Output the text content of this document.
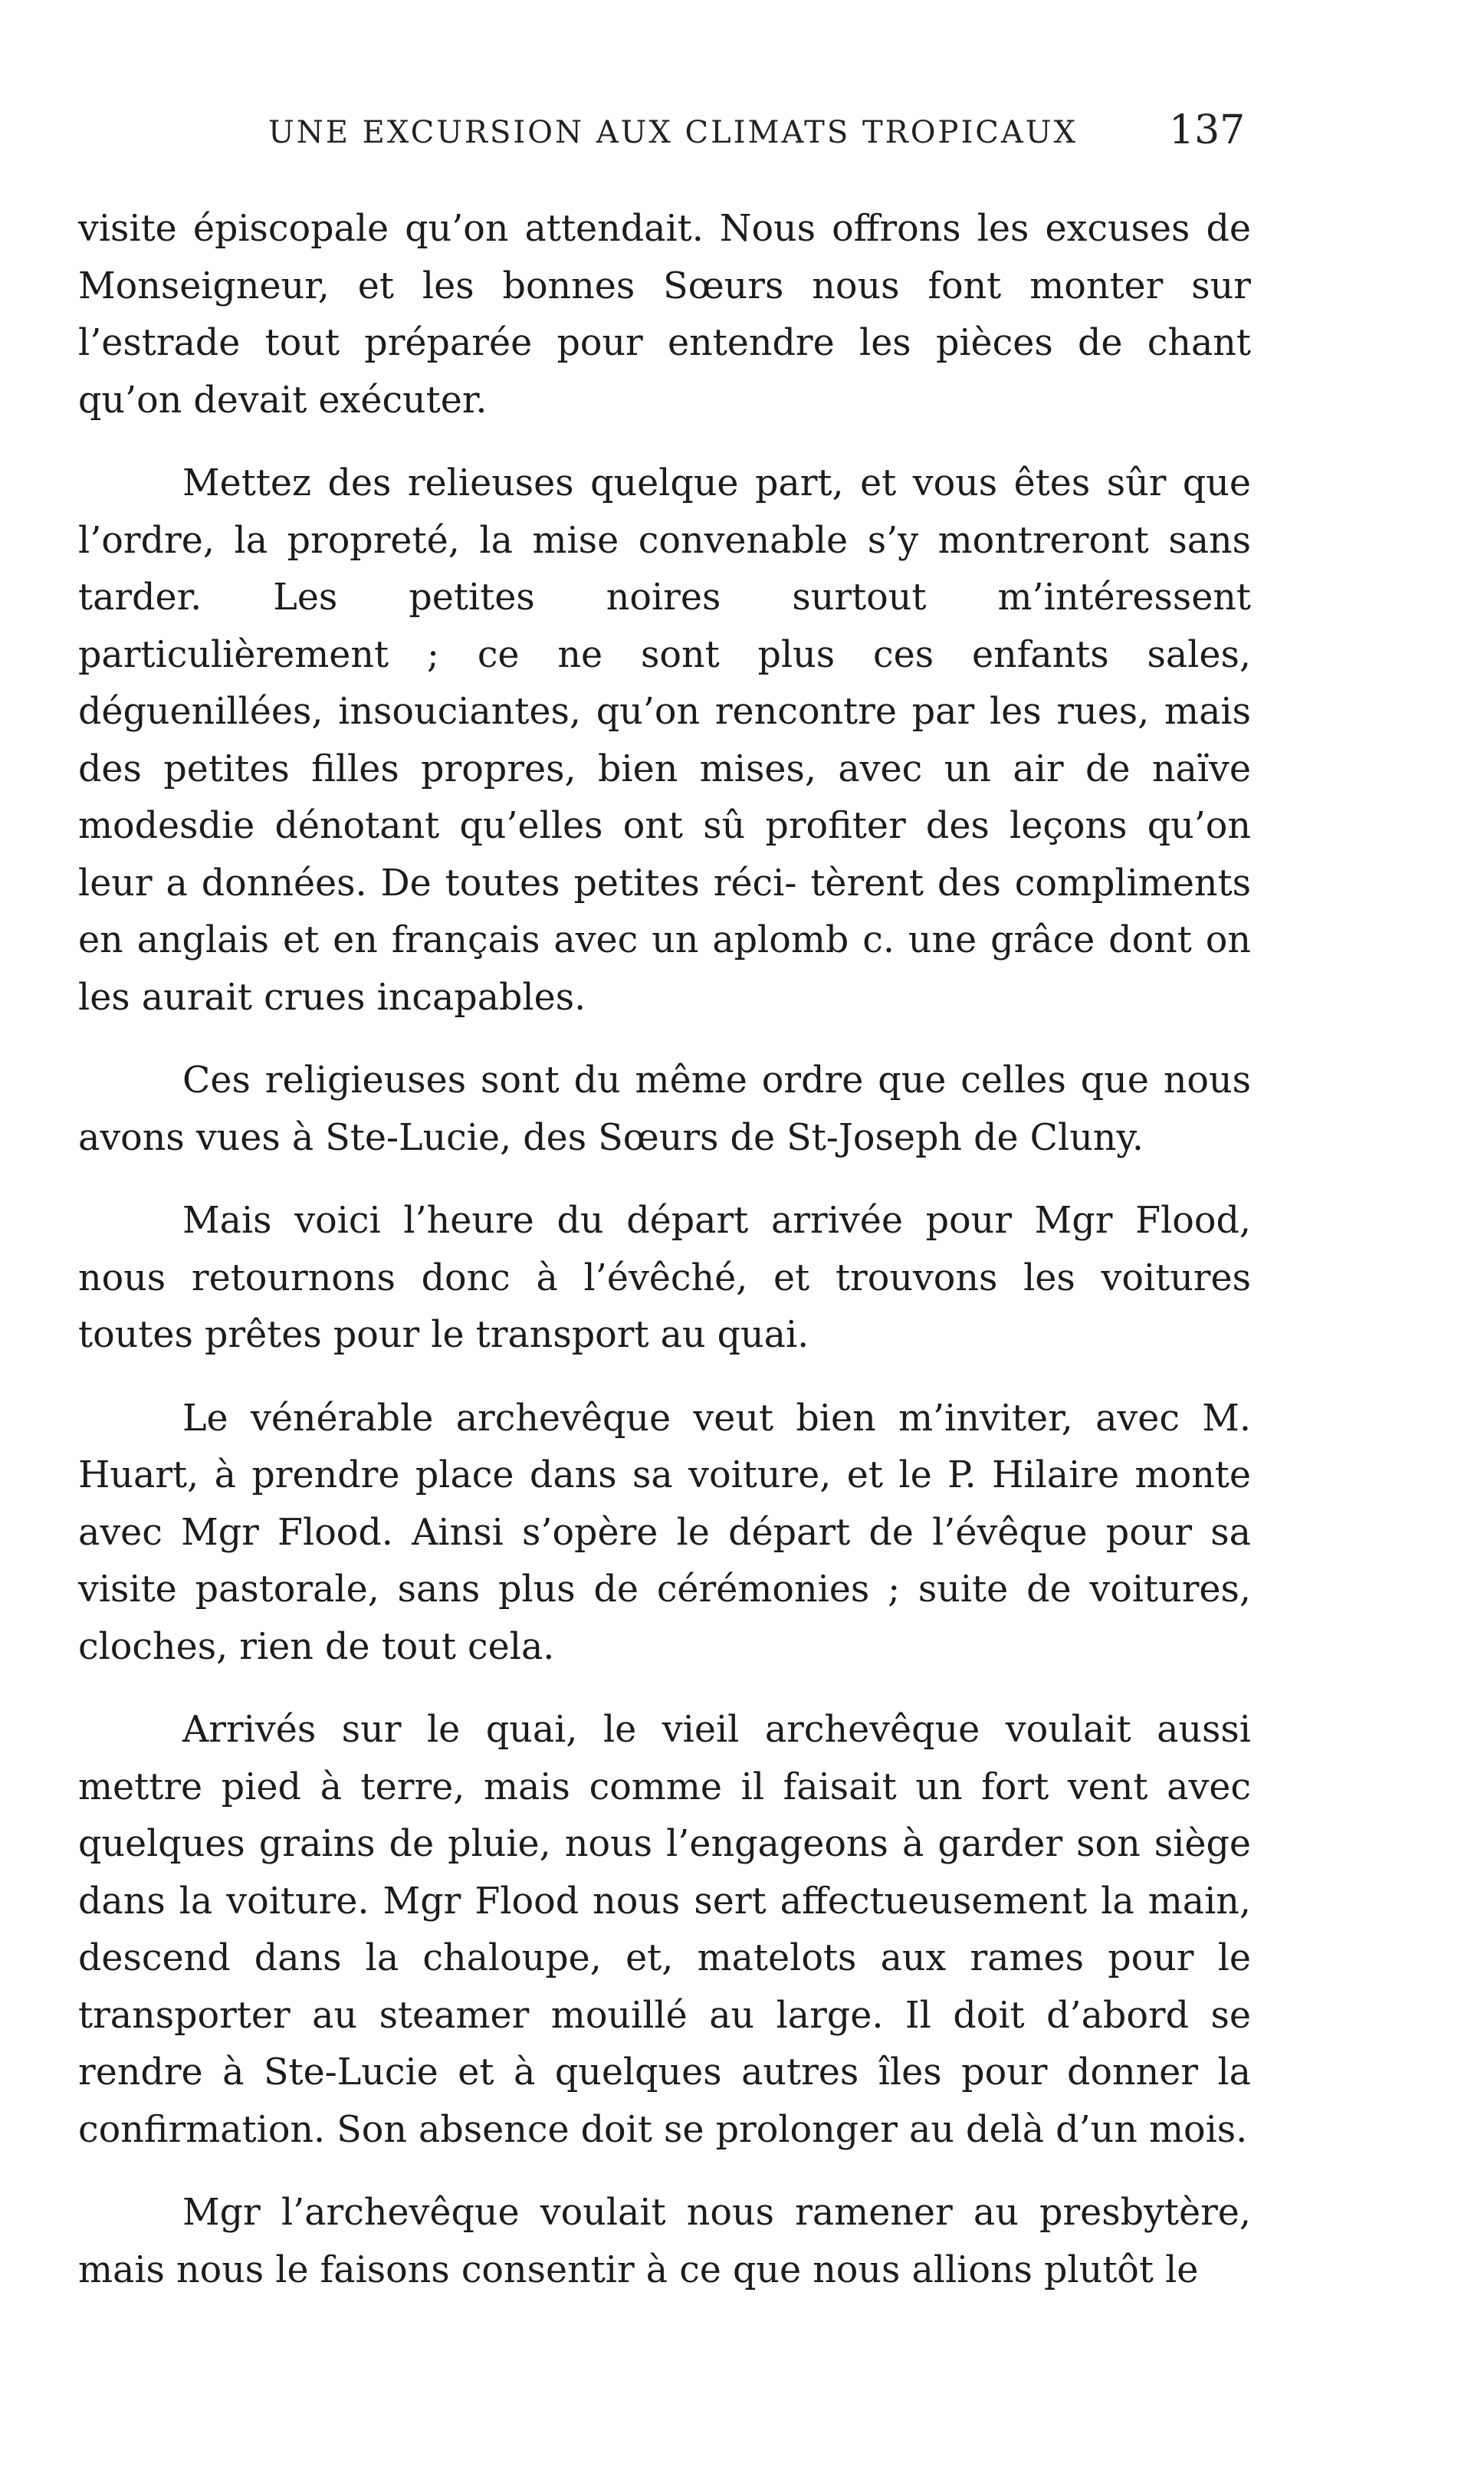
UNE EXCURSION AUX CLIMATS TROPICAUX 137

visite épiscopale qu’on attendait. Nous offrons les excuses de Monseigneur, et les bonnes Sœurs nous font monter sur l’estrade tout préparée pour entendre les pièces de chant qu’on devait exécuter.

Mettez des relieuses quelque part, et vous êtes sûr que l’ordre, la propreté, la mise convenable s’y montreront sans tarder. Les petites noires surtout m’intéressent particulièrement ; ce ne sont plus ces enfants sales, déguenillées, insouciantes, qu’on rencontre par les rues, mais des petites filles propres, bien mises, avec un air de naïve modesdie dénotant qu’elles ont sû profiter des leçons qu’on leur a données. De toutes petites réci- tèrent des compliments en anglais et en français avec un aplomb c. une grâce dont on les aurait crues incapables.

Ces religieuses sont du même ordre que celles que nous avons vues à Ste-Lucie, des Sœurs de St-Joseph de Cluny.

Mais voici l’heure du départ arrivée pour Mgr Flood, nous retournons donc à l’évêché, et trouvons les voitures toutes prêtes pour le transport au quai.

Le vénérable archevêque veut bien m’inviter, avec M. Huart, à prendre place dans sa voiture, et le P. Hilaire monte avec Mgr Flood. Ainsi s’opère le départ de l’évêque pour sa visite pastorale, sans plus de cérémonies ; suite de voitures, cloches, rien de tout cela.

Arrivés sur le quai, le vieil archevêque voulait aussi mettre pied à terre, mais comme il faisait un fort vent avec quelques grains de pluie, nous l’engageons à garder son siège dans la voiture. Mgr Flood nous sert affectueusement la main, descend dans la chaloupe, et, matelots aux rames pour le transporter au steamer mouillé au large. Il doit d’abord se rendre à Ste-Lucie et à quelques autres îles pour donner la confirmation. Son absence doit se prolonger au delà d’un mois.

Mgr l’archevêque voulait nous ramener au presbytère, mais nous le faisons consentir à ce que nous allions plutôt le
